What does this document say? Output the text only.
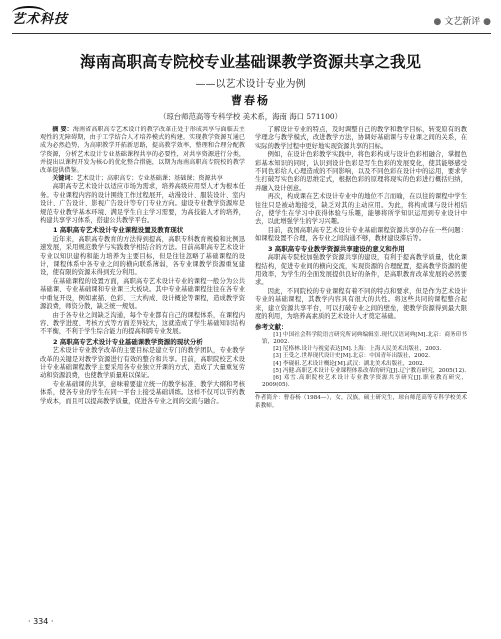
艺术科技	● 文艺新评 ●
海南高职高专院校专业基础课教学资源共享之我见
——以艺术设计专业为例
曹春杨
（琼台师范高等专科学校 美术系，海南 海口 571100）

摘 要：海南省高职高专艺术设计的教学改革正处于形成共享与面临去主观性的无障碍期，由于工学结合人才培养模式的构建，实现教学资源互通已成为必然趋势，为高职教学开拓新思路，提高教学效率，整理和合理分配教学资源，分析艺术设计专业基础课程共享的必要性，对共享资源进行分类，并提出以课程开发为核心的优化整合措施，以期为海南高职高专院校的教学改革提供借鉴。

关键词：艺术设计；高职高专；专业基础课；基础课；资源共享

高职高专艺术设计以适应市场为需求，培养高级应用型人才为根本任务。专业课程内容的设计围绕工作过程展开，动漫设计、服装设计、室内设计、广告设计、影视广告设计等专门专业方向。建设专业教学资源库是规范专业教学基本环境、满足学生自主学习需要，为高技能人才的培养，构建共享学习体系，搭建公共教学平台。

1 高职高专艺术设计专业课程设置及教育现状

近年来，高职高专教育的方法得到提高，高职专科教育规模和比例迅速发展，采用规范教学与实践教学相结合的方法。目前高职高专艺术设计专业以知识建构和能力培养为主要目标，但是往往忽略了基础课程的设计，课程体系中各专业之间的横向联系薄弱，各专业课教学资源重复建设，使有限的资源未得到充分利用。

在基础课程的设置方面，高职高专艺术设计专业的课程一般分为公共基础课、专业基础课和专业课三大板块。其中专业基础课程往往在各专业中重复开设，例如素描、色彩、三大构成、设计概论等课程，造成教学资源浪费，师资分散，缺乏统一规划。

由于各专业之间缺乏沟通，每个专业都有自己的课程体系，在课程内容、教学进度、考核方式等方面差异较大，这就造成了学生基础知识结构不平衡，不利于学生综合能力的提高和跨专业发展。

2 高职高专艺术设计专业基础课教学资源的现状分析

艺术设计专业教学改革的主要目标是建立专门的教学团队，专业教学改革的关键是对教学资源进行有效的整合和共享。目前，高职院校艺术设计专业基础课程教学主要采用各专业独立开课的方式，造成了大量重复劳动和资源浪费，也使教学质量难以保证。

专业基础课的共享，意味着要建立统一的教学标准、教学大纲和考核体系，使各专业的学生在同一平台上接受基础训练。这样不仅可以节约教学成本，而且可以提高教学质量，促进各专业之间的交流与融合。

了解设计专业的特点，及时调整自己的教学和教学目标，转变原有的教学理念与教学模式，改进教学方法，协调好基础课与专业课之间的关系，在实际的教学过程中更好地实现资源共享的目标。

例如，在设计色彩教学实践中，将色彩构成与设计色彩相融合，掌握色彩基本知识的同时，认识到设计色彩是写生色彩的发展变化，使其能够感受不同色彩给人心理造成的不同影响，以及不同色彩在设计中的运用，要求学生打破写实色彩的思维定式，根据色彩的原理将现实的色彩进行概括归纳，并融入设计创意。

再次，构成课在艺术设计专业中的地位不言而喻，在以往的课程中学生往往只是被动地接受，缺乏对其的主动应用。为此，将构成课与设计相结合，使学生在学习中获得体验与乐趣，能够将所学知识运用到专业设计中去，以此增强学生的学习兴趣。

目前，我国高职高专艺术设计专业基础课程资源共享仍存在一些问题：如课程设置不合理，各专业之间沟通不够，教材建设滞后等。

3 高职高专专业教学资源共享建设的意义和作用

高职高专院校加强教学资源共享的建设，有利于提高教学质量，优化课程结构，促进专业间的横向交流，实现资源的合理配置，提高教学资源的使用效率，为学生的全面发展提供良好的条件，是高职教育改革发展的必然要求。

因此，不同院校的专业课程有着不同的特点和要求，但是作为艺术设计专业的基础课程，其教学内容具有很大的共性。将这些共同的课程整合起来，建立资源共享平台，可以打破专业之间的壁垒，使教学资源得到最大限度的利用，为培养高素质的艺术设计人才奠定基础。

参考文献：

[1] 中国社会科学院语言研究所词典编辑室.现代汉语词典[M].北京：商务印书馆，2002.

[2] 尼格林.设计与视觉表达[M].上海：上海人民美术出版社，2003.

[3] 王受之.世界现代设计史[M].北京：中国青年出版社，2002.

[4] 李砚祖.艺术设计概论[M].武汉：湖北美术出版社，2002.

[5] 冯健.高职艺术设计专业课程体系改革的研究[J].辽宁教育研究，2005(12).

[6] 邓雪.高职院校艺术设计专业教学资源共享研究[J].职业教育研究，2009(05).

作者简介：曹春杨（1984—），女，汉族，硕士研究生，琼台师范高等专科学校美术系教师。
· 334 ·
